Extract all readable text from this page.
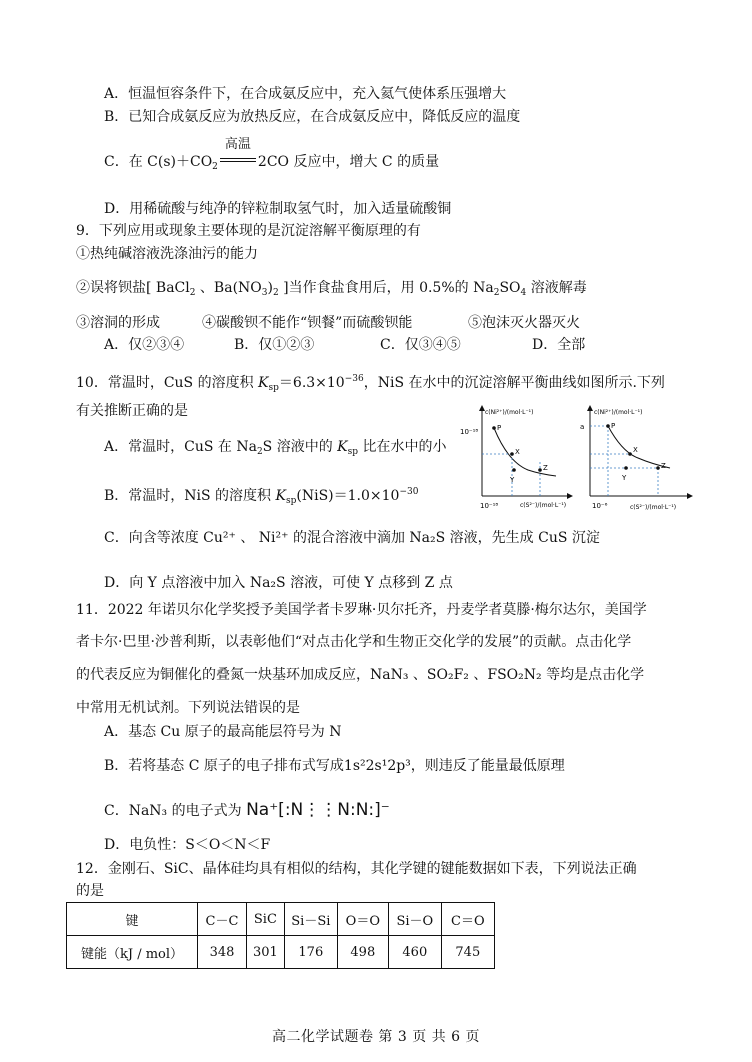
A．恒温恒容条件下，在合成氨反应中，充入氦气使体系压强增大
B．已知合成氨反应为放热反应，在合成氨反应中，降低反应的温度
C．在 $C(s)+CO_2$
高温
2CO 反应中，增大 C 的质量
D．用稀硫酸与纯净的锌粒制取氢气时，加入适量硫酸铜
9．下列应用或现象主要体现的是沉淀溶解平衡原理的有
①热纯碱溶液洗涤油污的能力
②误将钡盐[ BaCl$_2$ 、$Ba(NO_3)_2$ ]当作食盐食用后，用 0.5%的 $Na_2SO_4$ 溶液解毒
③溶洞的形成	④碳酸钡不能作“钡餐”而硫酸钡能	⑤泡沫灭火器灭火
A．仅②③④	B．仅①②③	C．仅③④⑤	D．全部
10．常温时，CuS 的溶度积 $K_{sp}=6.3\times 10^{-36}$，NiS 在水中的沉淀溶解平衡曲线如图所示.下列
有关推断正确的是
A．常温时，CuS 在 $Na_2S$ 溶液中的 $K_{sp}$ 比在水中的小
B．常温时，NiS 的溶度积 $K_{sp}(NiS)=1.0\times 10^{-30}$
C．向含等浓度 Cu²⁺ 、 Ni²⁺ 的混合溶液中滴加 Na₂S 溶液，先生成 CuS 沉淀
D．向 Y 点溶液中加入 Na₂S 溶液，可使 Y 点移到 Z 点
c(Ni²⁺)/(mol·L⁻¹)
10⁻¹⁸
10⁻¹⁸	c(S²⁻)/(mol·L⁻¹)
P
X
Y
Z
c(Ni²⁺)/(mol·L⁻¹)
a
10⁻⁶	c(S²⁻)/(mol·L⁻¹)
P
X
Y
Z
11．2022 年诺贝尔化学奖授予美国学者卡罗琳·贝尔托齐，丹麦学者莫滕·梅尔达尔，美国学
者卡尔·巴里·沙普利斯，以表彰他们“对点击化学和生物正交化学的发展”的贡献。点击化学
的代表反应为铜催化的叠氮一炔基环加成反应，NaN₃ 、SO₂F₂ 、FSO₂N₂ 等均是点击化学
中常用无机试剂。下列说法错误的是
A．基态 Cu 原子的最高能层符号为 N
B．若将基态 C 原子的电子排布式写成1s²2s¹2p³，则违反了能量最低原理
C．NaN₃ 的电子式为 Na⁺[:N⋮⋮N:N:]⁻
D．电负性：S＜O＜N＜F
12．金刚石、SiC、晶体硅均具有相似的结构，其化学键的键能数据如下表，下列说法正确
的是
键	C－C	SiC	Si－Si	O＝O	Si－O	C＝O
键能（kJ / mol）	348	301	176	498	460	745
高二化学试题卷 第 3 页 共 6 页
